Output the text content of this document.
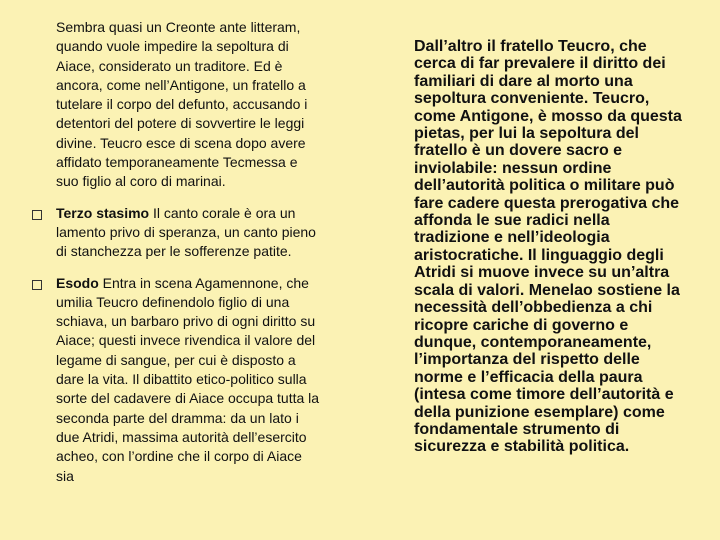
Sembra quasi un Creonte ante litteram, quando vuole impedire la sepoltura di Aiace, considerato un traditore. Ed è ancora, come nell’Antigone, un fratello a tutelare il corpo del defunto, accusando i detentori del potere di sovvertire le leggi divine. Teucro esce di scena dopo avere affidato temporaneamente Tecmessa e suo figlio al coro di marinai.

Terzo stasimo Il canto corale è ora un lamento privo di speranza, un canto pieno di stanchezza per le sofferenze patite.

Esodo Entra in scena Agamennone, che umilia Teucro definendolo figlio di una schiava, un barbaro privo di ogni diritto su Aiace; questi invece rivendica il valore del legame di sangue, per cui è disposto a dare la vita. Il dibattito etico-politico sulla sorte del cadavere di Aiace occupa tutta la seconda parte del dramma: da un lato i due Atridi, massima autorità dell’esercito acheo, con l’ordine che il corpo di Aiace sia

Dall’altro il fratello Teucro, che cerca di far prevalere il diritto dei familiari di dare al morto una sepoltura conveniente. Teucro, come Antigone, è mosso da questa pietas, per lui la sepoltura del fratello è un dovere sacro e inviolabile: nessun ordine dell’autorità politica o militare può fare cadere questa prerogativa che affonda le sue radici nella tradizione e nell’ideologia aristocratiche. Il linguaggio degli Atridi si muove invece su un’altra scala di valori. Menelao sostiene la necessità dell’obbedienza a chi ricopre cariche di governo e dunque, contemporaneamente, l’importanza del rispetto delle norme e l’efficacia della paura (intesa come timore dell’autorità e della punizione esemplare) come fondamentale strumento di sicurezza e stabilità politica.
